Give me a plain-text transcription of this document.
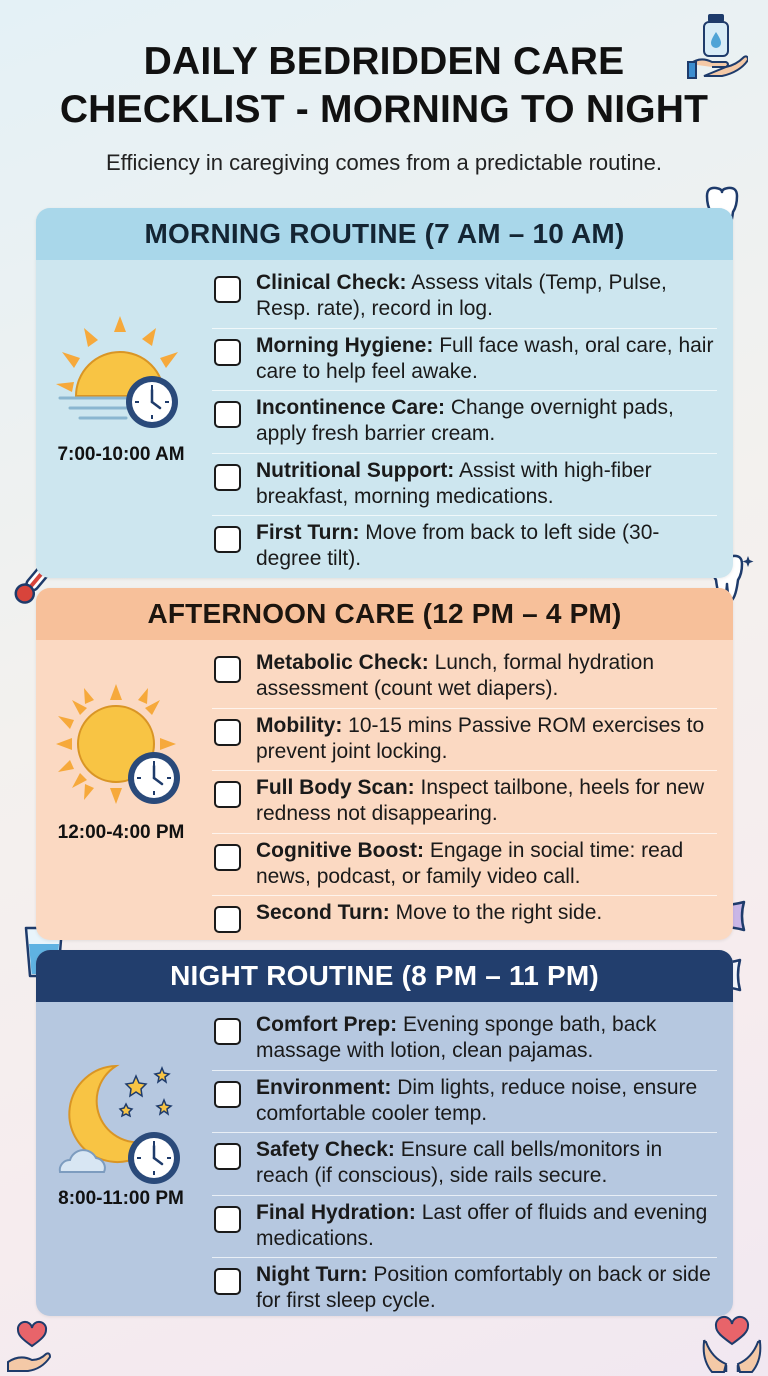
DAILY BEDRIDDEN CARE
CHECKLIST - MORNING TO NIGHT

Efficiency in caregiving comes from a predictable routine.

MORNING ROUTINE (7 AM – 10 AM)
7:00-10:00 AM
Clinical Check: Assess vitals (Temp, Pulse, Resp. rate), record in log.
Morning Hygiene: Full face wash, oral care, hair care to help feel awake.
Incontinence Care: Change overnight pads, apply fresh barrier cream.
Nutritional Support: Assist with high-fiber breakfast, morning medications.
First Turn: Move from back to left side (30-degree tilt).
AFTERNOON CARE (12 PM – 4 PM)
12:00-4:00 PM
Metabolic Check: Lunch, formal hydration assessment (count wet diapers).
Mobility: 10-15 mins Passive ROM exercises to prevent joint locking.
Full Body Scan: Inspect tailbone, heels for new redness not disappearing.
Cognitive Boost: Engage in social time: read news, podcast, or family video call.
Second Turn: Move to the right side.
NIGHT ROUTINE (8 PM – 11 PM)
8:00-11:00 PM
Comfort Prep: Evening sponge bath, back massage with lotion, clean pajamas.
Environment: Dim lights, reduce noise, ensure comfortable cooler temp.
Safety Check: Ensure call bells/monitors in reach (if conscious), side rails secure.
Final Hydration: Last offer of fluids and evening medications.
Night Turn: Position comfortably on back or side for first sleep cycle.
